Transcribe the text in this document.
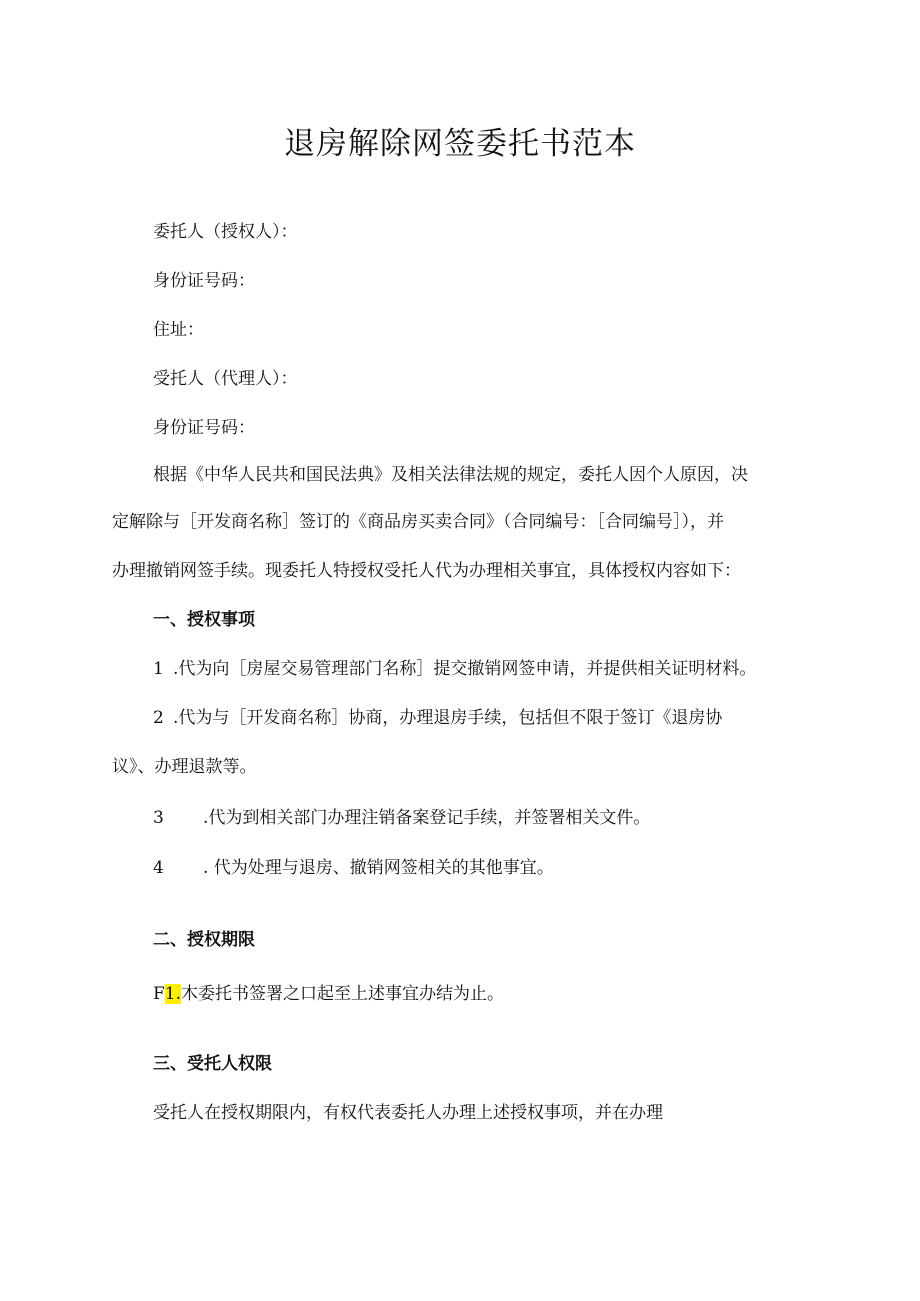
退房解除网签委托书范本
委托人（授权人）：
身份证号码：
住址：
受托人（代理人）：
身份证号码：
根据《中华人民共和国民法典》及相关法律法规的规定，委托人因个人原因，决
定解除与［开发商名称］签订的《商品房买卖合同》（合同编号：［合同编号］），并
办理撤销网签手续。现委托人特授权受托人代为办理相关事宜，具体授权内容如下：
一、授权事项
1 .代为向［房屋交易管理部门名称］提交撤销网签申请，并提供相关证明材料。
2 .代为与［开发商名称］协商，办理退房手续，包括但不限于签订《退房协
议》、办理退款等。
3 .代为到相关部门办理注销备案登记手续，并签署相关文件。
4 . 代为处理与退房、撤销网签相关的其他事宜。
二、授权期限
F1.木委托书签署之口起至上述事宜办结为止。
三、受托人权限
受托人在授权期限内，有权代表委托人办理上述授权事项，并在办理
